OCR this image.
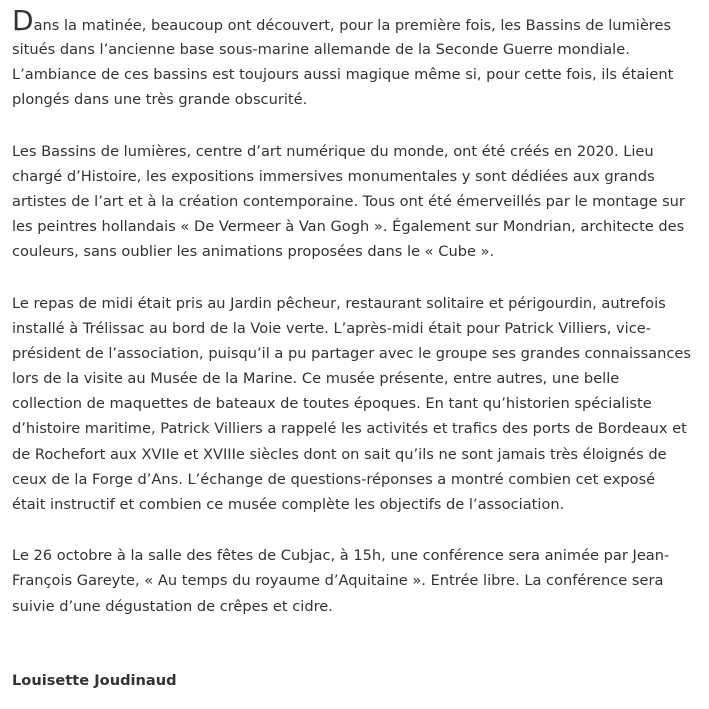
Dans la matinée, beaucoup ont découvert, pour la première fois, les Bassins de lumières
situés dans l’ancienne base sous-marine allemande de la Seconde Guerre mondiale.
L’ambiance de ces bassins est toujours aussi magique même si, pour cette fois, ils étaient
plongés dans une très grande obscurité.

Les Bassins de lumières, centre d’art numérique du monde, ont été créés en 2020. Lieu
chargé d’Histoire, les expositions immersives monumentales y sont dédiées aux grands
artistes de l’art et à la création contemporaine. Tous ont été émerveillés par le montage sur
les peintres hollandais « De Vermeer à Van Gogh ». Également sur Mondrian, architecte des
couleurs, sans oublier les animations proposées dans le « Cube ».

Le repas de midi était pris au Jardin pêcheur, restaurant solitaire et périgourdin, autrefois
installé à Trélissac au bord de la Voie verte. L’après-midi était pour Patrick Villiers, vice-
président de l’association, puisqu’il a pu partager avec le groupe ses grandes connaissances
lors de la visite au Musée de la Marine. Ce musée présente, entre autres, une belle
collection de maquettes de bateaux de toutes époques. En tant qu’historien spécialiste
d’histoire maritime, Patrick Villiers a rappelé les activités et trafics des ports de Bordeaux et
de Rochefort aux XVIIe et XVIIIe siècles dont on sait qu’ils ne sont jamais très éloignés de
ceux de la Forge d’Ans. L’échange de questions-réponses a montré combien cet exposé
était instructif et combien ce musée complète les objectifs de l’association.

Le 26 octobre à la salle des fêtes de Cubjac, à 15h, une conférence sera animée par Jean-
François Gareyte, « Au temps du royaume d’Aquitaine ». Entrée libre. La conférence sera
suivie d’une dégustation de crêpes et cidre.

Louisette Joudinaud
